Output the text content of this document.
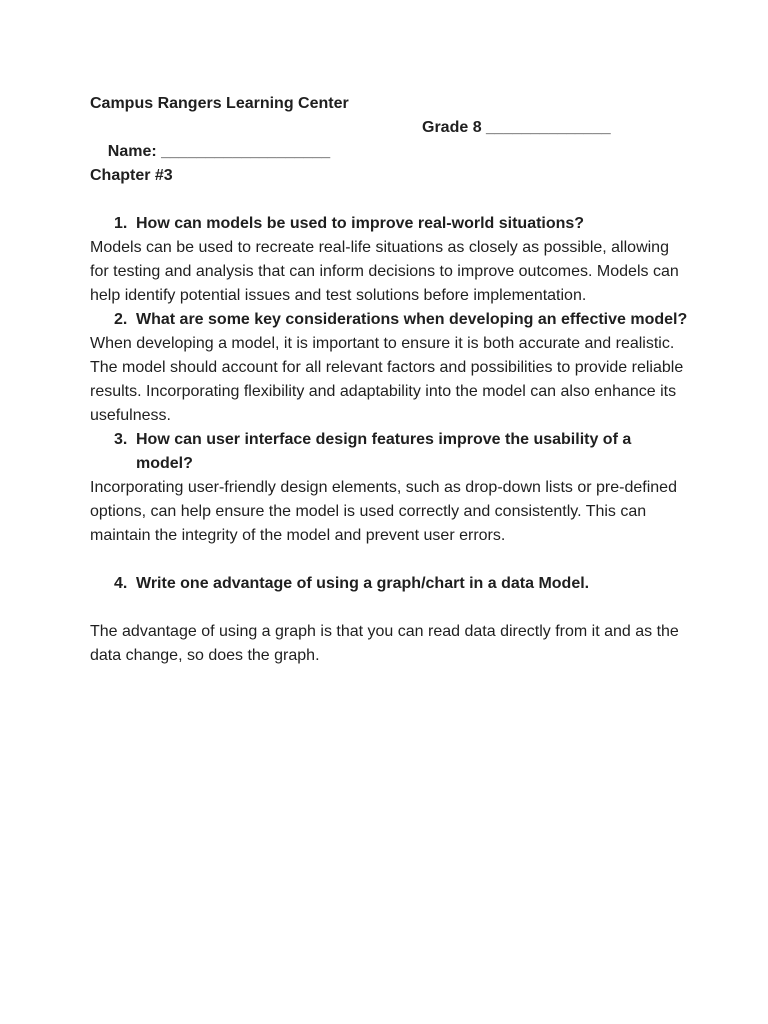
Campus Rangers Learning Center

Name: ___________________

Grade 8 ______________

Chapter #3
1. How can models be used to improve real-world situations?

Models can be used to recreate real-life situations as closely as possible, allowing for testing and analysis that can inform decisions to improve outcomes. Models can help identify potential issues and test solutions before implementation.

2. What are some key considerations when developing an effective model?

When developing a model, it is important to ensure it is both accurate and realistic. The model should account for all relevant factors and possibilities to provide reliable results. Incorporating flexibility and adaptability into the model can also enhance its usefulness.

3. How can user interface design features improve the usability of a model?

Incorporating user-friendly design elements, such as drop-down lists or pre-defined options, can help ensure the model is used correctly and consistently. This can maintain the integrity of the model and prevent user errors.

4. Write one advantage of using a graph/chart in a data Model.

The advantage of using a graph is that you can read data directly from it and as the data change, so does the graph.
